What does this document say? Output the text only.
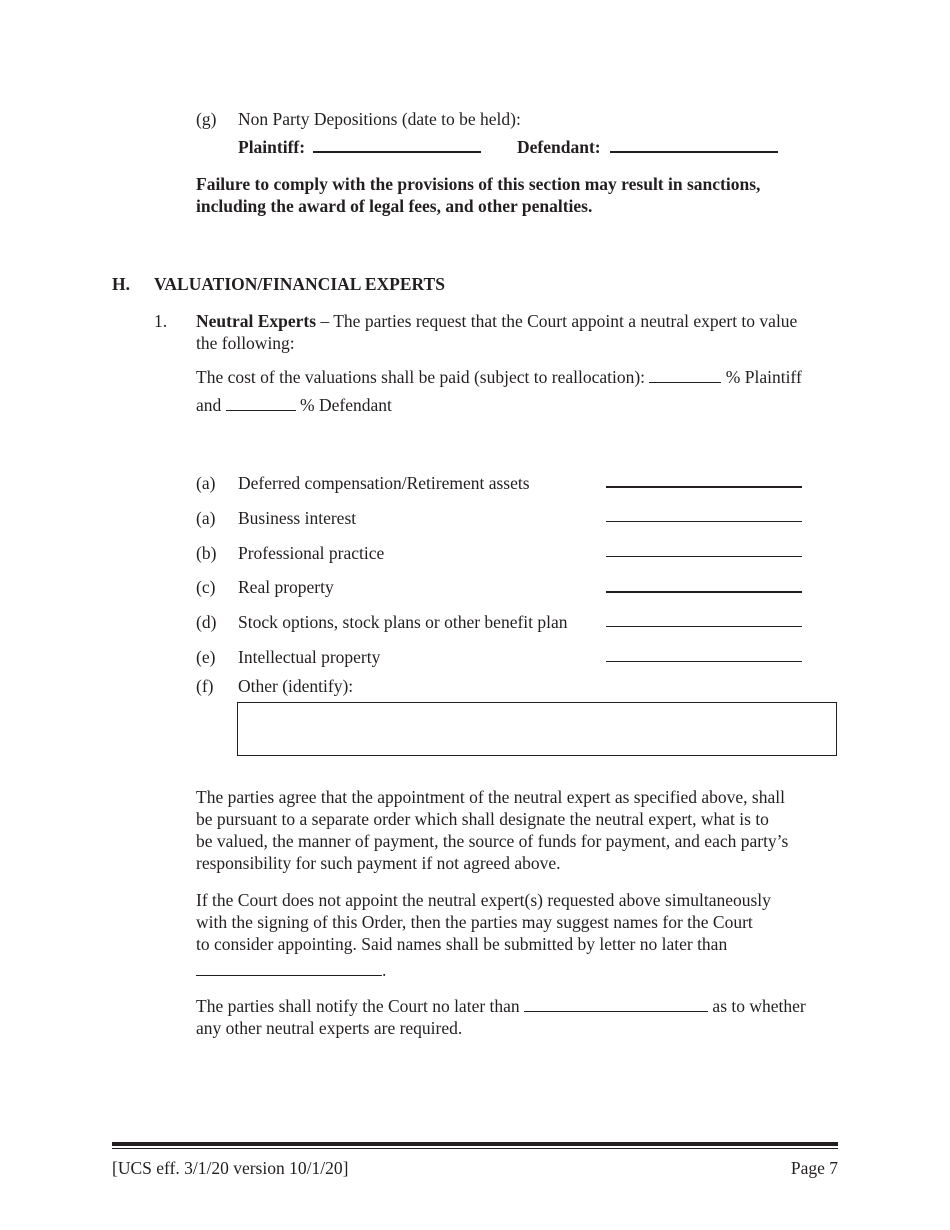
(g) Non Party Depositions (date to be held):
Plaintiff:	Defendant:
Failure to comply with the provisions of this section may result in sanctions,
including the award of legal fees, and other penalties.
H. VALUATION/FINANCIAL EXPERTS
1. Neutral Experts – The parties request that the Court appoint a neutral expert to value
the following:
The cost of the valuations shall be paid (subject to reallocation):	% Plaintiff
and	% Defendant
(a) Deferred compensation/Retirement assets
(a) Business interest
(b) Professional practice
(c) Real property
(d) Stock options, stock plans or other benefit plan
(e) Intellectual property
(f) Other (identify):
The parties agree that the appointment of the neutral expert as specified above, shall
be pursuant to a separate order which shall designate the neutral expert, what is to
be valued, the manner of payment, the source of funds for payment, and each party’s
responsibility for such payment if not agreed above.
If the Court does not appoint the neutral expert(s) requested above simultaneously
with the signing of this Order, then the parties may suggest names for the Court
to consider appointing. Said names shall be submitted by letter no later than
.
The parties shall notify the Court no later than	as to whether
any other neutral experts are required.
[UCS eff. 3/1/20 version 10/1/20]	Page 7
